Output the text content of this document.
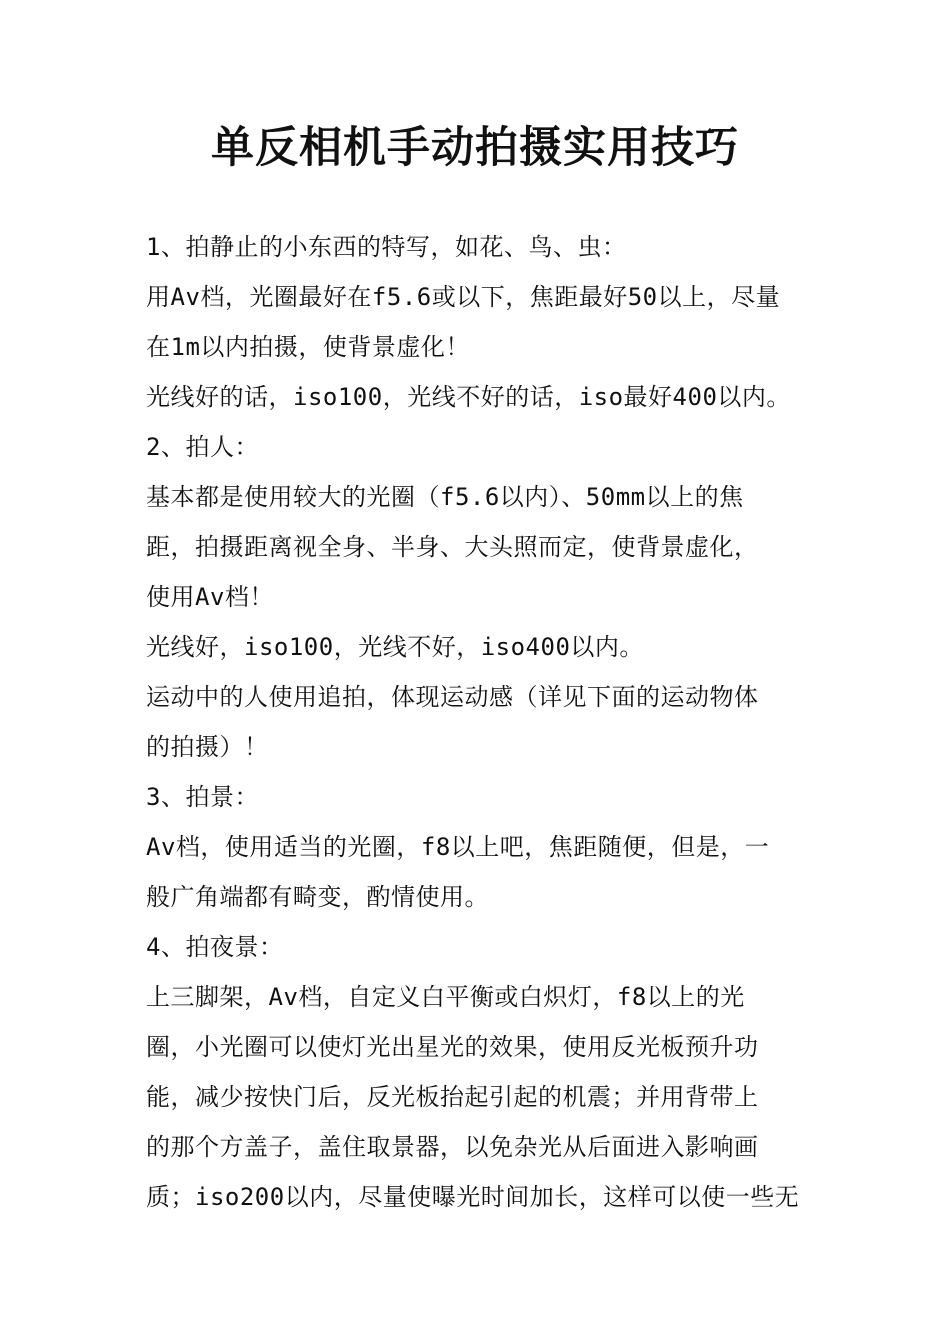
单反相机手动拍摄实用技巧
1、拍静止的小东西的特写，如花、鸟、虫：
用Av档，光圈最好在f5.6或以下，焦距最好50以上，尽量
在1m以内拍摄，使背景虚化！
光线好的话，iso100，光线不好的话，iso最好400以内。
2、拍人：
基本都是使用较大的光圈（f5.6以内）、50mm以上的焦
距，拍摄距离视全身、半身、大头照而定，使背景虚化，
使用Av档！
光线好，iso100，光线不好，iso400以内。
运动中的人使用追拍，体现运动感（详见下面的运动物体
的拍摄）！
3、拍景：
Av档，使用适当的光圈，f8以上吧，焦距随便，但是，一
般广角端都有畸变，酌情使用。
4、拍夜景：
上三脚架，Av档，自定义白平衡或白炽灯，f8以上的光
圈，小光圈可以使灯光出星光的效果，使用反光板预升功
能，减少按快门后，反光板抬起引起的机震；并用背带上
的那个方盖子，盖住取景器，以免杂光从后面进入影响画
质；iso200以内，尽量使曝光时间加长，这样可以使一些无
